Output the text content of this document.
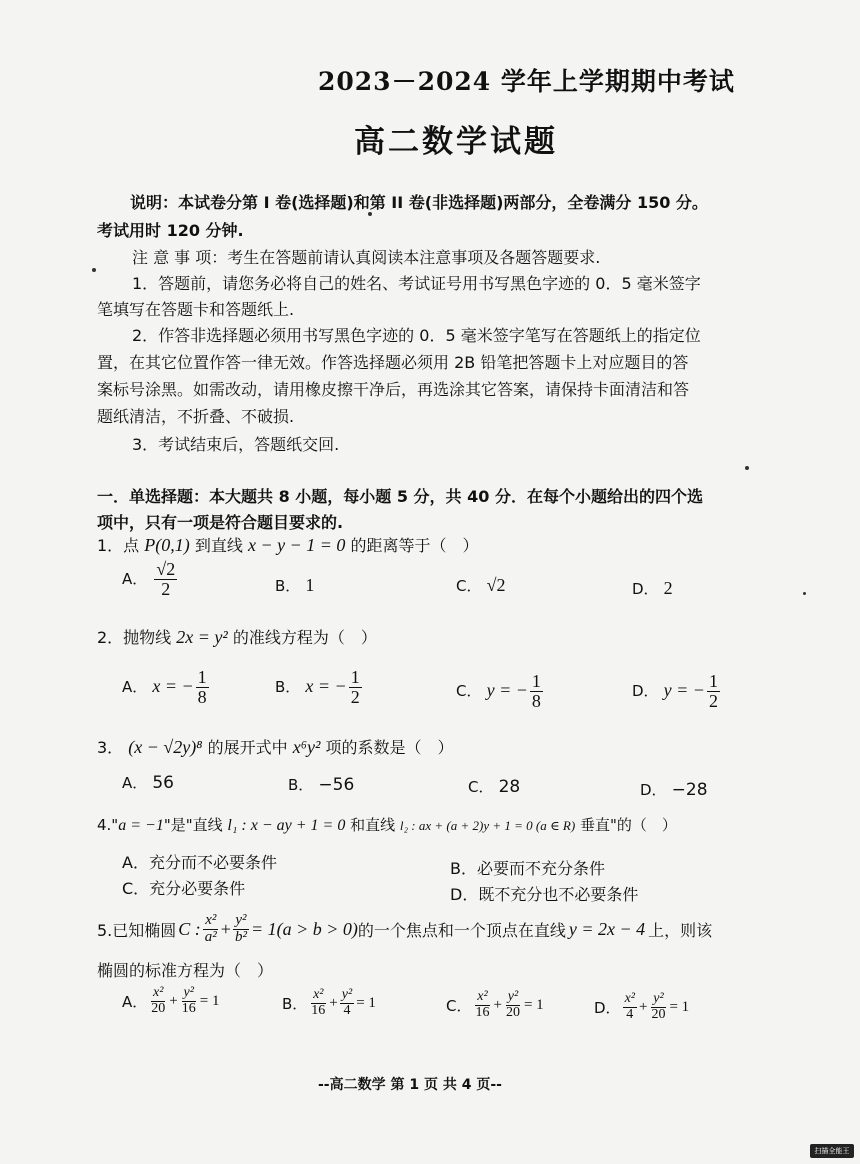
2023－2024 学年上学期期中考试
高二数学试题
说明：本试卷分第 I 卷(选择题)和第 II 卷(非选择题)两部分，全卷满分 150 分。
考试用时 120 分钟.
注 意 事 项：考生在答题前请认真阅读本注意事项及各题答题要求.
1．答题前，请您务必将自己的姓名、考试证号用书写黑色字迹的 0．5 毫米签字
笔填写在答题卡和答题纸上.
2．作答非选择题必须用书写黑色字迹的 0．5 毫米签字笔写在答题纸上的指定位
置，在其它位置作答一律无效。作答选择题必须用 2B 铅笔把答题卡上对应题目的答
案标号涂黑。如需改动，请用橡皮擦干净后，再选涂其它答案，请保持卡面清洁和答
题纸清洁，不折叠、不破损.
3．考试结束后，答题纸交回.
一．单选择题：本大题共 8 小题，每小题 5 分，共 40 分．在每个小题给出的四个选
项中，只有一项是符合题目要求的.
1．点 P(0,1) 到直线 x − y − 1 = 0 的距离等于（　）
A． $\frac{√2}{2}$	B． 1	C． √2	D． 2
2．抛物线 2x = y² 的准线方程为（　）
A． x = − $\frac{1}{8}$	B． x = − $\frac{1}{2}$	C． y = − $\frac{1}{8}$	D． y = − $\frac{1}{2}$
3． (x − √2y)⁸ 的展开式中 x⁶y² 项的系数是（　）
A． 56	B． −56	C． 28	D． −28
4."a = −1"是"直线 l₁ : x − ay + 1 = 0 和直线 l₂ : ax + (a + 2)y + 1 = 0 (a ∈ R) 垂直"的（　）
A．充分而不必要条件	B．必要而不充分条件
C．充分必要条件	D．既不充分也不必要条件
5.已知椭圆 C : $\frac{\text{x²}}{\text{a²}} + \frac{\text{y²}}{\text{b²}} = 1(a > b > 0)$ 的一个焦点和一个顶点在直线 y = 2x − 4 上，则该
椭圆的标准方程为（　）
A． $\frac{\text{x²}}{20} + \frac{\text{y²}}{16} = 1$	B． $\frac{\text{x²}}{16} + \frac{\text{y²}}{4} = 1$	C． $\frac{\text{x²}}{16} + \frac{\text{y²}}{20} = 1$	D． $\frac{\text{x²}}{4} + \frac{\text{y²}}{20} = 1$
--高二数学 第 1 页 共 4 页--
扫描全能王
